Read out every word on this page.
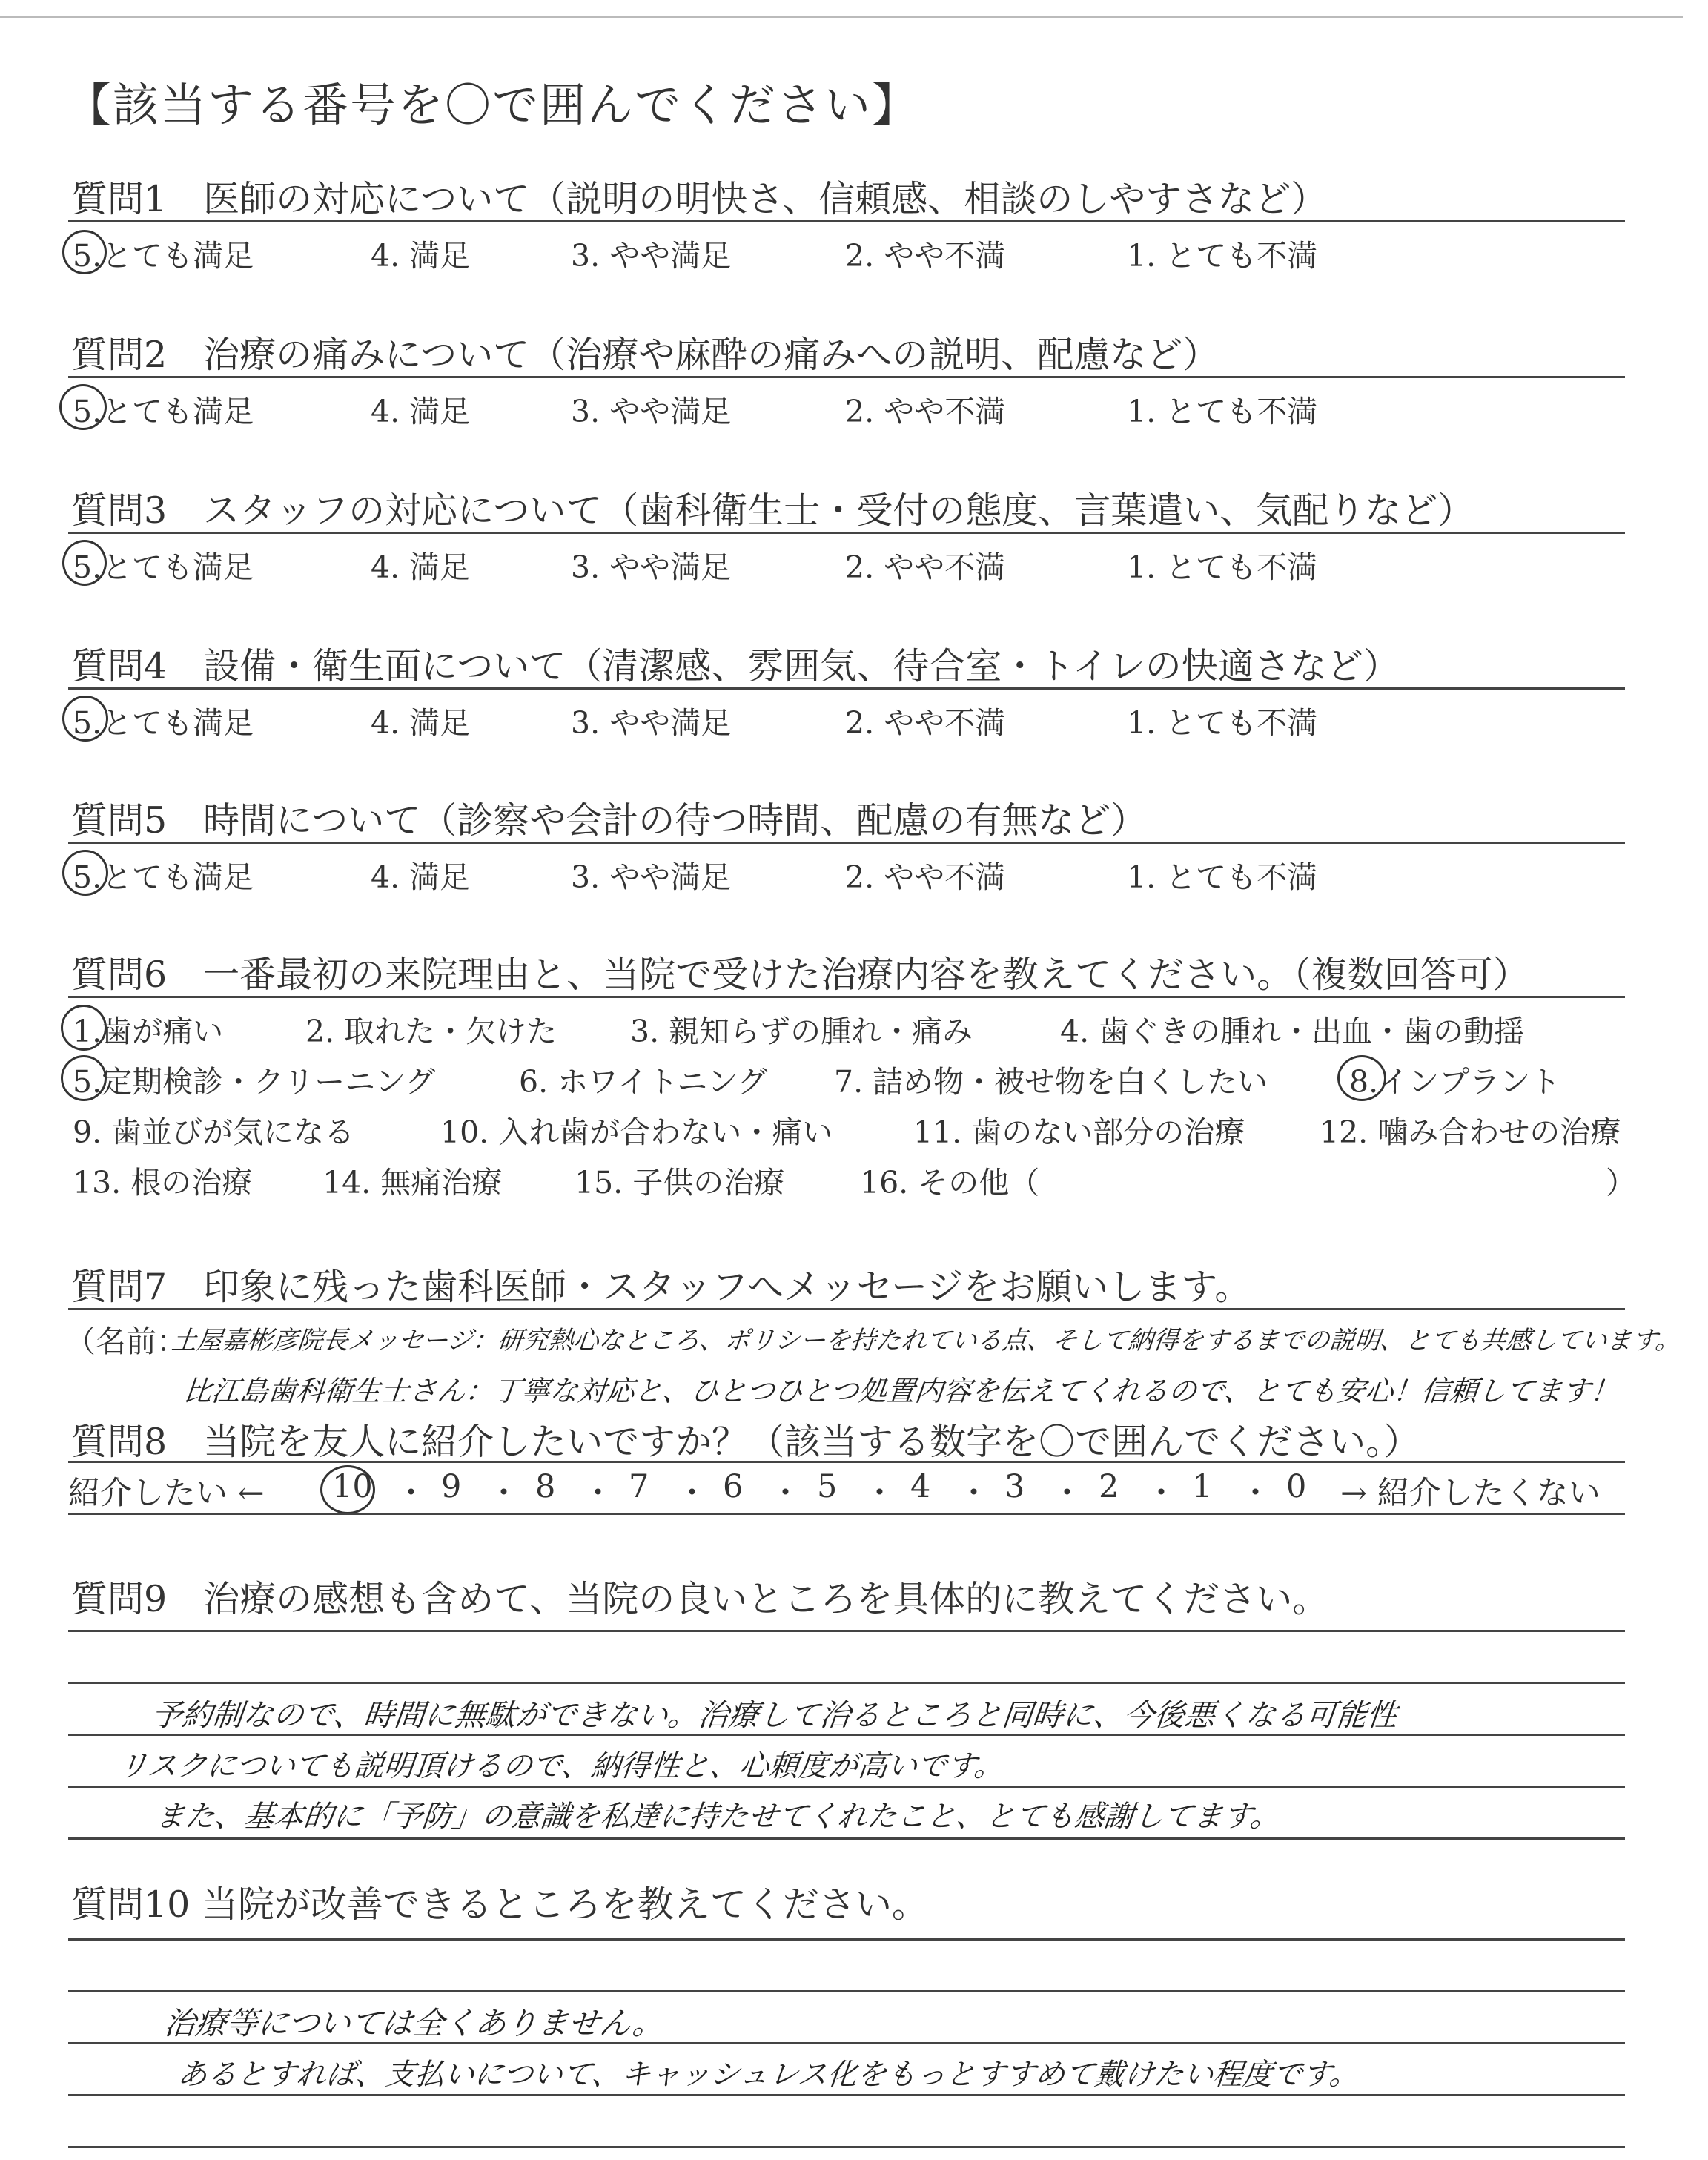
【該当する番号を〇で囲んでください】
質問1　医師の対応について（説明の明快さ、信頼感、相談のしやすさなど）
5.とても満足	4. 満足	3. やや満足	2. やや不満	1. とても不満
質問2　治療の痛みについて（治療や麻酔の痛みへの説明、配慮など）
5.とても満足	4. 満足	3. やや満足	2. やや不満	1. とても不満
質問3　スタッフの対応について（歯科衛生士・受付の態度、言葉遣い、気配りなど）
5.とても満足	4. 満足	3. やや満足	2. やや不満	1. とても不満
質問4　設備・衛生面について（清潔感、雰囲気、待合室・トイレの快適さなど）
5.とても満足	4. 満足	3. やや満足	2. やや不満	1. とても不満
質問5　時間について（診察や会計の待つ時間、配慮の有無など）
5.とても満足	4. 満足	3. やや満足	2. やや不満	1. とても不満
質問6　一番最初の来院理由と、当院で受けた治療内容を教えてください。（複数回答可）
1.歯が痛い	2. 取れた・欠けた 3. 親知らずの腫れ・痛み	4. 歯ぐきの腫れ・出血・歯の動揺
5.定期検診・クリーニング	6. ホワイトニング 7. 詰め物・被せ物を白くしたい	8.インプラント
9. 歯並びが気になる	10. 入れ歯が合わない・痛い	11. 歯のない部分の治療 12. 噛み合わせの治療
13. 根の治療 14. 無痛治療 15. 子供の治療 16. その他（	）
質問7　印象に残った歯科医師・スタッフへメッセージをお願いします。
（名前：
土屋嘉彬彦院長メッセージ：研究熱心なところ、ポリシーを持たれている点、そして納得をするまでの説明、とても共感しています。
比江島歯科衛生士さん：丁寧な対応と、ひとつひとつ処置内容を伝えてくれるので、とても安心！信頼してます！
質問8　当院を友人に紹介したいですか？（該当する数字を〇で囲んでください。）
紹介したい ← 10 ・ 9 ・ 8 ・ 7 ・ 6 ・ 5 ・ 4 ・ 3 ・ 2 ・ 1 ・ 0 → 紹介したくない
質問9　治療の感想も含めて、当院の良いところを具体的に教えてください。
予約制なので、時間に無駄ができない。治療して治るところと同時に、今後悪くなる可能性
リスクについても説明頂けるので、納得性と、心頼度が高いです。
また、基本的に「予防」の意識を私達に持たせてくれたこと、とても感謝してます。
質問10 当院が改善できるところを教えてください。
治療等については全くありません。
あるとすれば、支払いについて、キャッシュレス化をもっとすすめて戴けたい程度です。
